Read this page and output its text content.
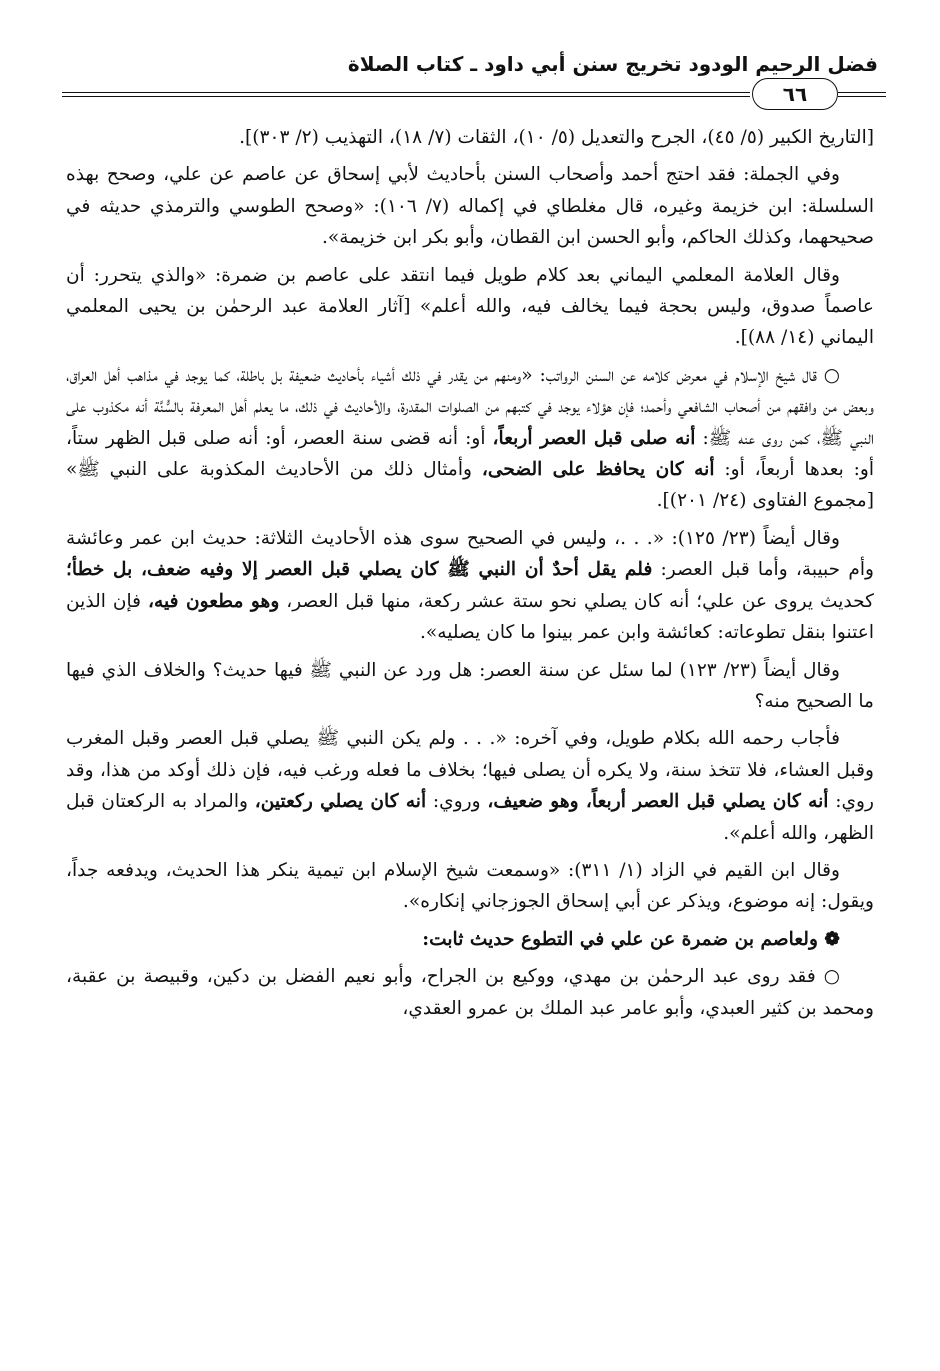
فضل الرحيم الودود تخريج سنن أبي داود ـ كتاب الصلاة
٦٦

[التاريخ الكبير (٥/ ٤٥)، الجرح والتعديل (٥/ ١٠)، الثقات (٧/ ١٨)، التهذيب (٢/ ٣٠٣)].

وفي الجملة: فقد احتج أحمد وأصحاب السنن بأحاديث لأبي إسحاق عن عاصم عن علي، وصحح بهذه السلسلة: ابن خزيمة وغيره، قال مغلطاي في إكماله (٧/ ١٠٦): «وصحح الطوسي والترمذي حديثه في صحيحهما، وكذلك الحاكم، وأبو الحسن ابن القطان، وأبو بكر ابن خزيمة».

وقال العلامة المعلمي اليماني بعد كلام طويل فيما انتقد على عاصم بن ضمرة: «والذي يتحرر: أن عاصماً صدوق، وليس بحجة فيما يخالف فيه، والله أعلم» [آثار العلامة عبد الرحمٰن بن يحيى المعلمي اليماني (١٤/ ٨٨)].

○ قال شيخ الإسلام في معرض كلامه عن السنن الرواتب: «ومنهم من يقدر في ذلك أشياء بأحاديث ضعيفة بل باطلة، كما يوجد في مذاهب أهل العراق، وبعض من وافقهم من أصحاب الشافعي وأحمد؛ فإن هؤلاء يوجد في كتبهم من الصلوات المقدرة، والأحاديث في ذلك، ما يعلم أهل المعرفة بالسُّنَّة أنه مكذوب على النبي ﷺ، كمن روى عنه ﷺ: أنه صلى قبل العصر أربعاً، أو: أنه قضى سنة العصر، أو: أنه صلى قبل الظهر ستاً، أو: بعدها أربعاً، أو: أنه كان يحافظ على الضحى، وأمثال ذلك من الأحاديث المكذوبة على النبي ﷺ» [مجموع الفتاوى (٢٤/ ٢٠١)].

وقال أيضاً (٢٣/ ١٢٥): «. . .، وليس في الصحيح سوى هذه الأحاديث الثلاثة: حديث ابن عمر وعائشة وأم حبيبة، وأما قبل العصر: فلم يقل أحدٌ أن النبي ﷺ كان يصلي قبل العصر إلا وفيه ضعف، بل خطأ؛ كحديث يروى عن علي؛ أنه كان يصلي نحو ستة عشر ركعة، منها قبل العصر، وهو مطعون فيه، فإن الذين اعتنوا بنقل تطوعاته: كعائشة وابن عمر بينوا ما كان يصليه».

وقال أيضاً (٢٣/ ١٢٣) لما سئل عن سنة العصر: هل ورد عن النبي ﷺ فيها حديث؟ والخلاف الذي فيها ما الصحيح منه؟

فأجاب رحمه الله بكلام طويل، وفي آخره: «. . . ولم يكن النبي ﷺ يصلي قبل العصر وقبل المغرب وقبل العشاء، فلا تتخذ سنة، ولا يكره أن يصلى فيها؛ بخلاف ما فعله ورغب فيه، فإن ذلك أوكد من هذا، وقد روي: أنه كان يصلي قبل العصر أربعاً، وهو ضعيف، وروي: أنه كان يصلي ركعتين، والمراد به الركعتان قبل الظهر، والله أعلم».

وقال ابن القيم في الزاد (١/ ٣١١): «وسمعت شيخ الإسلام ابن تيمية ينكر هذا الحديث، ويدفعه جداً، ويقول: إنه موضوع، ويذكر عن أبي إسحاق الجوزجاني إنكاره».

❁ ولعاصم بن ضمرة عن علي في التطوع حديث ثابت:

○ فقد روى عبد الرحمٰن بن مهدي، ووكيع بن الجراح، وأبو نعيم الفضل بن دكين، وقبيصة بن عقبة، ومحمد بن كثير العبدي، وأبو عامر عبد الملك بن عمرو العقدي،
